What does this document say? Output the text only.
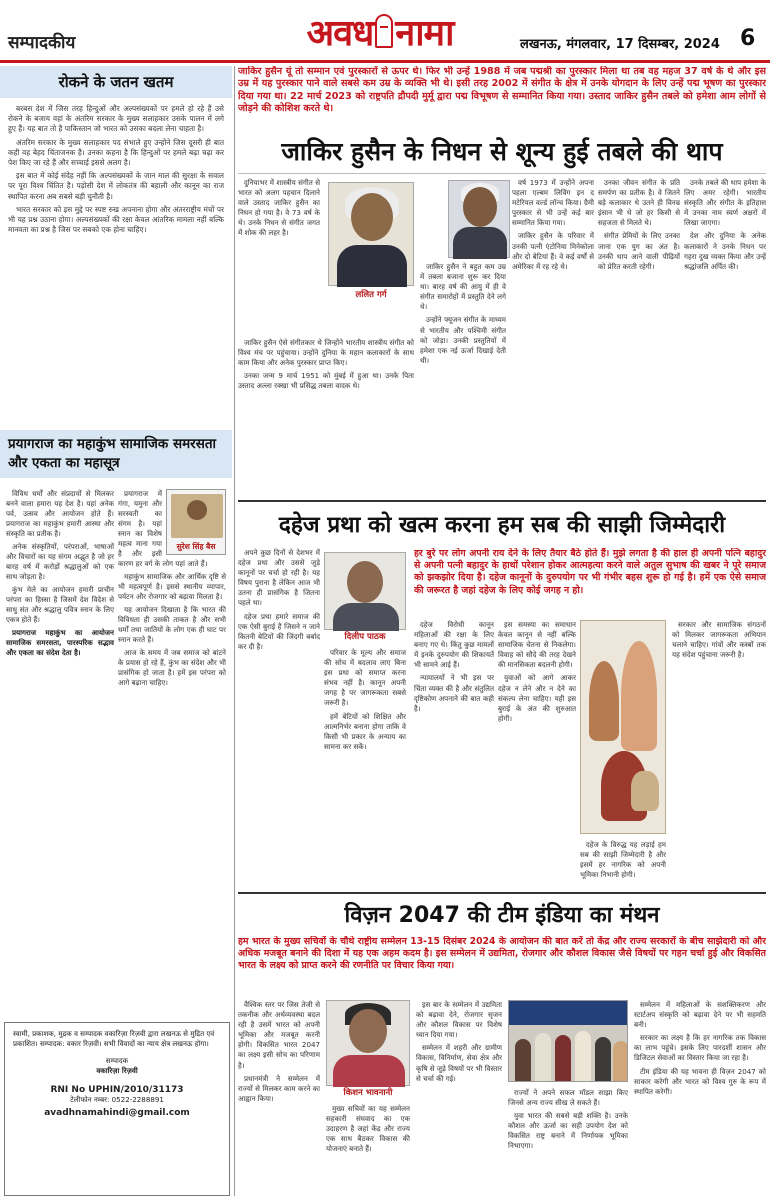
सम्पादकीय	अवध नामा	लखनऊ, मंगलवार, 17 दिसम्बर, 2024 6
रोकने के जतन खतम

बरबस देश में जिस तरह हिन्दुओं और अल्पसंख्यकों पर हमले हो रहे हैं उसे रोकने के बजाय वहां के अंतरिम सरकार के मुख्य सलाहकार उसके पालन में लगे हुए हैं। यह बात तो है पाकिस्तान जो भारत को उसका बदला लेना चाहता है।

अंतरिम सरकार के मुख्य सलाहकार पद संभाले हुए उन्होंने जिस दूसरी ही बात कही वह बेहद चिंताजनक है। उनका कहना है कि हिन्दुओं पर हमले बढ़ा चढ़ा कर पेश किए जा रहे हैं और सच्चाई इससे अलग है।

इस बात में कोई संदेह नहीं कि अल्पसंख्यकों के जान माल की सुरक्षा के सवाल पर पूरा विश्व चिंतित है। पड़ोसी देश में लोकतंत्र की बहाली और कानून का राज स्थापित करना अब सबसे बड़ी चुनौती है।

भारत सरकार को इस मुद्दे पर स्पष्ट रुख अपनाना होगा और अंतरराष्ट्रीय मंचों पर भी यह प्रश्न उठाना होगा। अल्पसंख्यकों की रक्षा केवल आंतरिक मामला नहीं बल्कि मानवता का प्रश्न है जिस पर सबको एक होना चाहिए।

प्रयागराज का महाकुंभ सामाजिक समरसता और एकता का महासूत्र

विविध धर्मों और संप्रदायों से मिलकर बनने वाला हमारा यह देश है। यहां अनेक पर्व, उत्सव और आयोजन होते हैं। प्रयागराज का महाकुंभ हमारी आस्था और संस्कृति का प्रतीक है।

अनेक संस्कृतियों, परंपराओं, भाषाओं और विचारों का यह संगम अद्भुत है जो हर बारह वर्ष में करोड़ों श्रद्धालुओं को एक साथ जोड़ता है।

कुंभ मेले का आयोजन हमारी प्राचीन परंपरा का हिस्सा है जिसमें देश विदेश से साधु संत और श्रद्धालु पवित्र स्नान के लिए एकत्र होते हैं।

प्रयागराज महाकुंभ का आयोजन सामाजिक समरसता, पारस्परिक सद्भाव और एकता का संदेश देता है।

सुरेश सिंह बैस

प्रयागराज में गंगा, यमुना और सरस्वती का संगम है। यहां स्नान का विशेष महत्व माना गया है और इसी कारण हर वर्ग के लोग यहां आते हैं।

महाकुंभ सामाजिक और आर्थिक दृष्टि से भी महत्वपूर्ण है। इससे स्थानीय व्यापार, पर्यटन और रोजगार को बढ़ावा मिलता है।

यह आयोजन दिखाता है कि भारत की विविधता ही उसकी ताकत है और सभी धर्मों तथा जातियों के लोग एक ही घाट पर स्नान करते हैं।

आज के समय में जब समाज को बांटने के प्रयास हो रहे हैं, कुंभ का संदेश और भी प्रासंगिक हो जाता है। हमें इस परंपरा को आगे बढ़ाना चाहिए।

स्वामी, प्रकाशक, मुद्रक व सम्पादक वकारिज़ा रिज़वी द्वारा लखनऊ से मुद्रित एवं प्रकाशित। सम्पादक: वकार रिज़वी। सभी विवादों का न्याय क्षेत्र लखनऊ होगा।
सम्पादक
वकारिज़ा रिज़वी
RNI No UPHIN/2010/31173
टेलीफोन नम्बर: 0522-2288891
avadhnamahindi@gmail.com
जाकिर हुसैन यूं तो सम्मान एवं पुरस्कारों से ऊपर थे। फिर भी उन्हें 1988 में जब पद्मश्री का पुरस्कार मिला था तब वह महज 37 वर्ष के थे और इस उम्र में यह पुरस्कार पाने वाले सबसे कम उम्र के व्यक्ति भी थे। इसी तरह 2002 में संगीत के क्षेत्र में उनके योगदान के लिए उन्हें पद्म भूषण का पुरस्कार दिया गया था। 22 मार्च 2023 को राष्ट्रपति द्रौपदी मुर्मू द्वारा पद्म विभूषण से सम्मानित किया गया। उस्ताद जाकिर हुसैन तबले को हमेशा आम लोगों से जोड़ने की कोशिश करते थे।
जाकिर हुसैन के निधन से शून्य हुई तबले की थाप

दुनियाभर में शास्त्रीय संगीत से भारत को अलग पहचान दिलाने वाले उस्ताद जाकिर हुसैन का निधन हो गया है। वे 73 वर्ष के थे। उनके निधन से संगीत जगत में शोक की लहर है।

ललित गर्ग

जाकिर हुसैन ऐसे संगीतकार थे जिन्होंने भारतीय शास्त्रीय संगीत को विश्व मंच पर पहुंचाया। उन्होंने दुनिया के महान कलाकारों के साथ काम किया और अनेक पुरस्कार प्राप्त किए।

उनका जन्म 9 मार्च 1951 को मुंबई में हुआ था। उनके पिता उस्ताद अल्ला रक्खा भी प्रसिद्ध तबला वादक थे।

जाकिर हुसैन ने बहुत कम उम्र में तबला बजाना शुरू कर दिया था। बारह वर्ष की आयु में ही वे संगीत समारोहों में प्रस्तुति देने लगे थे।

उन्होंने फ्यूजन संगीत के माध्यम से भारतीय और पश्चिमी संगीत को जोड़ा। उनकी प्रस्तुतियों में हमेशा एक नई ऊर्जा दिखाई देती थी।

वर्ष 1973 में उन्होंने अपना पहला एल्बम लिविंग इन द मटेरियल वर्ल्ड लॉन्च किया। ग्रैमी पुरस्कार से भी उन्हें कई बार सम्मानित किया गया।

जाकिर हुसैन के परिवार में उनकी पत्नी एंटोनिया मिनेकोला और दो बेटियां हैं। वे कई वर्षों से अमेरिका में रह रहे थे।

उनका जीवन संगीत के प्रति समर्पण का प्रतीक है। वे जितने बड़े कलाकार थे उतने ही विनम्र इंसान भी थे जो हर किसी से सहजता से मिलते थे।

संगीत प्रेमियों के लिए उनका जाना एक युग का अंत है। उनकी थाप आने वाली पीढ़ियों को प्रेरित करती रहेगी।

उनके तबले की थाप हमेशा के लिए अमर रहेगी। भारतीय संस्कृति और संगीत के इतिहास में उनका नाम स्वर्ण अक्षरों में लिखा जाएगा।

देश और दुनिया के अनेक कलाकारों ने उनके निधन पर गहरा दुख व्यक्त किया और उन्हें श्रद्धांजलि अर्पित की।

दहेज प्रथा को खत्म करना हम सब की साझी जिम्मेदारी

अपने कुछ दिनों से देशभर में दहेज प्रथा और उससे जुड़े कानूनों पर चर्चा हो रही है। यह विषय पुराना है लेकिन आज भी उतना ही प्रासंगिक है जितना पहले था।

दहेज प्रथा हमारे समाज की एक ऐसी बुराई है जिसने न जाने कितनी बेटियों की जिंदगी बर्बाद कर दी है।

दिलीप पाठक

परिवार के मूल्य और समाज की सोच में बदलाव लाए बिना इस प्रथा को समाप्त करना संभव नहीं है। कानून अपनी जगह है पर जागरूकता सबसे जरूरी है।

हमें बेटियों को शिक्षित और आत्मनिर्भर बनाना होगा ताकि वे किसी भी प्रकार के अन्याय का सामना कर सकें।

हर बुरे पर लोग अपनी राय देने के लिए तैयार बैठे होते हैं। मुझे लगता है की हाल ही अपनी पत्नि बहादुर से अपनी पत्नी बहादुर के हाथों परेशान होकर आत्महत्या करने वाले अतुल सुभाष की खबर ने पूरे समाज को झकझोर दिया है। दहेज कानूनों के दुरुपयोग पर भी गंभीर बहस शुरू हो गई है। हमें एक ऐसे समाज की जरूरत है जहां दहेज के लिए कोई जगह न हो।

दहेज विरोधी कानून महिलाओं की रक्षा के लिए बनाए गए थे। किंतु कुछ मामलों में इनके दुरुपयोग की शिकायतें भी सामने आई हैं।

न्यायालयों ने भी इस पर चिंता व्यक्त की है और संतुलित दृष्टिकोण अपनाने की बात कही है।

इस समस्या का समाधान केवल कानून से नहीं बल्कि सामाजिक चेतना से निकलेगा। विवाह को सौदे की तरह देखने की मानसिकता बदलनी होगी।

युवाओं को आगे आकर दहेज न लेने और न देने का संकल्प लेना चाहिए। यही इस बुराई के अंत की शुरुआत होगी।

दहेज के विरुद्ध यह लड़ाई हम सब की साझी जिम्मेदारी है और इसमें हर नागरिक को अपनी भूमिका निभानी होगी।

सरकार और सामाजिक संगठनों को मिलकर जागरूकता अभियान चलाने चाहिए। गांवों और कस्बों तक यह संदेश पहुंचाना जरूरी है।

विज़न 2047 की टीम इंडिया का मंथन
हम भारत के मुख्य सचिवों के चौथे राष्ट्रीय सम्मेलन 13-15 दिसंबर 2024 के आयोजन की बात करें तो केंद्र और राज्य सरकारों के बीच साझेदारी को और अधिक मजबूत बनाने की दिशा में यह एक अहम कदम है। इस सम्मेलन में उद्यमिता, रोजगार और कौशल विकास जैसे विषयों पर गहन चर्चा हुई और विकसित भारत के लक्ष्य को प्राप्त करने की रणनीति पर विचार किया गया।

वैश्विक स्तर पर जिस तेजी से तकनीक और अर्थव्यवस्था बदल रही है उसमें भारत को अपनी भूमिका और मजबूत करनी होगी। विकसित भारत 2047 का लक्ष्य इसी सोच का परिणाम है।

प्रधानमंत्री ने सम्मेलन में राज्यों से मिलकर काम करने का आह्वान किया।

किशन भावनानी

मुख्य सचिवों का यह सम्मेलन सहकारी संघवाद का एक उदाहरण है जहां केंद्र और राज्य एक साथ बैठकर विकास की योजनाएं बनाते हैं।

इस बार के सम्मेलन में उद्यमिता को बढ़ावा देने, रोजगार सृजन और कौशल विकास पर विशेष ध्यान दिया गया।

सम्मेलन में शहरी और ग्रामीण विकास, विनिर्माण, सेवा क्षेत्र और कृषि से जुड़े विषयों पर भी विस्तार से चर्चा की गई।

राज्यों ने अपने सफल मॉडल साझा किए जिनसे अन्य राज्य सीख ले सकते हैं।

युवा भारत की सबसे बड़ी शक्ति है। उनके कौशल और ऊर्जा का सही उपयोग देश को विकसित राष्ट्र बनाने में निर्णायक भूमिका निभाएगा।

सम्मेलन में महिलाओं के सशक्तिकरण और स्टार्टअप संस्कृति को बढ़ावा देने पर भी सहमति बनी।

सरकार का लक्ष्य है कि हर नागरिक तक विकास का लाभ पहुंचे। इसके लिए पारदर्शी शासन और डिजिटल सेवाओं का विस्तार किया जा रहा है।

टीम इंडिया की यह भावना ही विज़न 2047 को साकार करेगी और भारत को विश्व गुरु के रूप में स्थापित करेगी।
